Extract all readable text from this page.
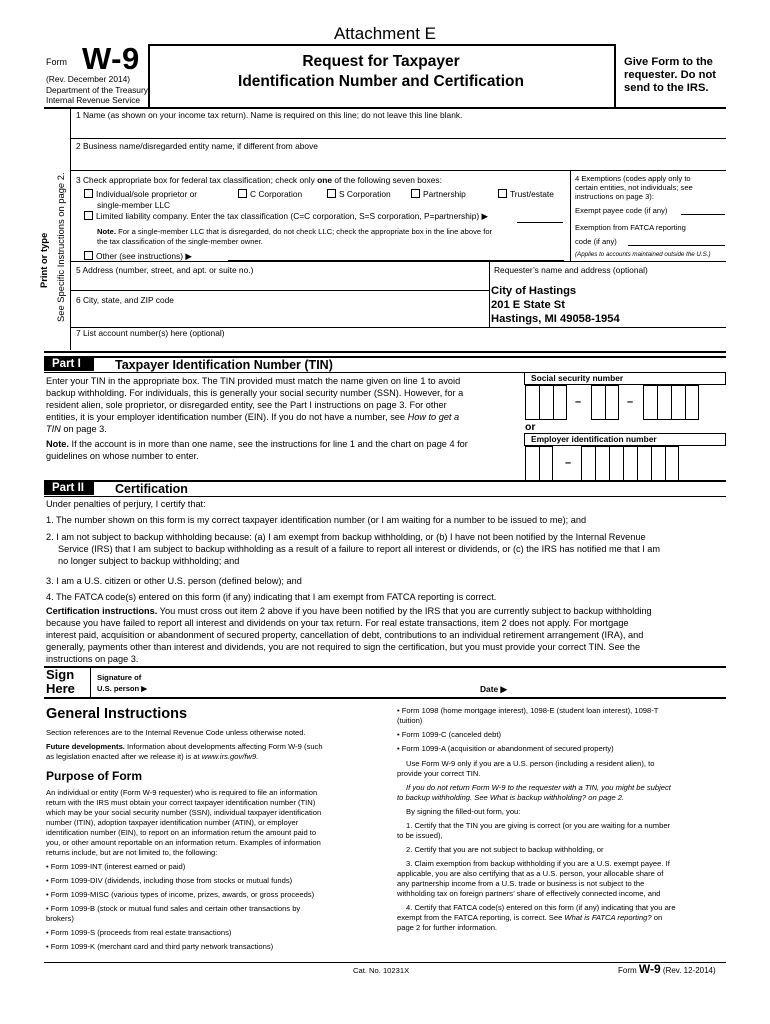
Attachment E
Form W-9
(Rev. December 2014)
Department of the Treasury
Internal Revenue Service
Request for Taxpayer
Identification Number and Certification
Give Form to the
requester. Do not
send to the IRS.
Print or type See Specific Instructions on page 2.
1 Name (as shown on your income tax return). Name is required on this line; do not leave this line blank.
2 Business name/disregarded entity name, if different from above
3 Check appropriate box for federal tax classification; check only one of the following seven boxes:
Individual/sole proprietor or
single-member LLC
C Corporation	S Corporation	Partnership	Trust/estate
Limited liability company. Enter the tax classification (C=C corporation, S=S corporation, P=partnership) ▶
Note. For a single-member LLC that is disregarded, do not check LLC; check the appropriate box in the line above for
the tax classification of the single-member owner.
Other (see instructions) ▶
4 Exemptions (codes apply only to
certain entities, not individuals; see
instructions on page 3):
Exempt payee code (if any)
Exemption from FATCA reporting
code (if any)
(Applies to accounts maintained outside the U.S.)
5 Address (number, street, and apt. or suite no.)	Requester’s name and address (optional)
6 City, state, and ZIP code
City of Hastings
201 E State St
Hastings, MI 49058-1954
7 List account number(s) here (optional)
Part I	Taxpayer Identification Number (TIN)
Enter your TIN in the appropriate box. The TIN provided must match the name given on line 1 to avoid
backup withholding. For individuals, this is generally your social security number (SSN). However, for a
resident alien, sole proprietor, or disregarded entity, see the Part I instructions on page 3. For other
entities, it is your employer identification number (EIN). If you do not have a number, see How to get a
TIN on page 3.
Note. If the account is in more than one name, see the instructions for line 1 and the chart on page 4 for
guidelines on whose number to enter.
Social security number
–	–
or
Employer identification number
–
Part II	Certification
Under penalties of perjury, I certify that:
1. The number shown on this form is my correct taxpayer identification number (or I am waiting for a number to be issued to me); and
2. I am not subject to backup withholding because: (a) I am exempt from backup withholding, or (b) I have not been notified by the Internal Revenue
Service (IRS) that I am subject to backup withholding as a result of a failure to report all interest or dividends, or (c) the IRS has notified me that I am
no longer subject to backup withholding; and
3. I am a U.S. citizen or other U.S. person (defined below); and
4. The FATCA code(s) entered on this form (if any) indicating that I am exempt from FATCA reporting is correct.
Certification instructions. You must cross out item 2 above if you have been notified by the IRS that you are currently subject to backup withholding
because you have failed to report all interest and dividends on your tax return. For real estate transactions, item 2 does not apply. For mortgage
interest paid, acquisition or abandonment of secured property, cancellation of debt, contributions to an individual retirement arrangement (IRA), and
generally, payments other than interest and dividends, you are not required to sign the certification, but you must provide your correct TIN. See the
instructions on page 3.
Sign
Here
Signature of
U.S. person ▶	Date ▶
General Instructions
Section references are to the Internal Revenue Code unless otherwise noted.
Future developments. Information about developments affecting Form W-9 (such
as legislation enacted after we release it) is at www.irs.gov/fw9.
Purpose of Form
An individual or entity (Form W-9 requester) who is required to file an information
return with the IRS must obtain your correct taxpayer identification number (TIN)
which may be your social security number (SSN), individual taxpayer identification
number (ITIN), adoption taxpayer identification number (ATIN), or employer
identification number (EIN), to report on an information return the amount paid to
you, or other amount reportable on an information return. Examples of information
returns include, but are not limited to, the following:
• Form 1099-INT (interest earned or paid)
• Form 1099-DIV (dividends, including those from stocks or mutual funds)
• Form 1099-MISC (various types of income, prizes, awards, or gross proceeds)
• Form 1099-B (stock or mutual fund sales and certain other transactions by
brokers)
• Form 1099-S (proceeds from real estate transactions)
• Form 1099-K (merchant card and third party network transactions)
• Form 1098 (home mortgage interest), 1098-E (student loan interest), 1098-T
(tuition)
• Form 1099-C (canceled debt)
• Form 1099-A (acquisition or abandonment of secured property)
Use Form W-9 only if you are a U.S. person (including a resident alien), to
provide your correct TIN.
If you do not return Form W-9 to the requester with a TIN, you might be subject
to backup withholding. See What is backup withholding? on page 2.
By signing the filled-out form, you:
1. Certify that the TIN you are giving is correct (or you are waiting for a number
to be issued),
2. Certify that you are not subject to backup withholding, or
3. Claim exemption from backup withholding if you are a U.S. exempt payee. If
applicable, you are also certifying that as a U.S. person, your allocable share of
any partnership income from a U.S. trade or business is not subject to the
withholding tax on foreign partners’ share of effectively connected income, and
4. Certify that FATCA code(s) entered on this form (if any) indicating that you are
exempt from the FATCA reporting, is correct. See What is FATCA reporting? on
page 2 for further information.
Cat. No. 10231X	Form W-9 (Rev. 12-2014)
